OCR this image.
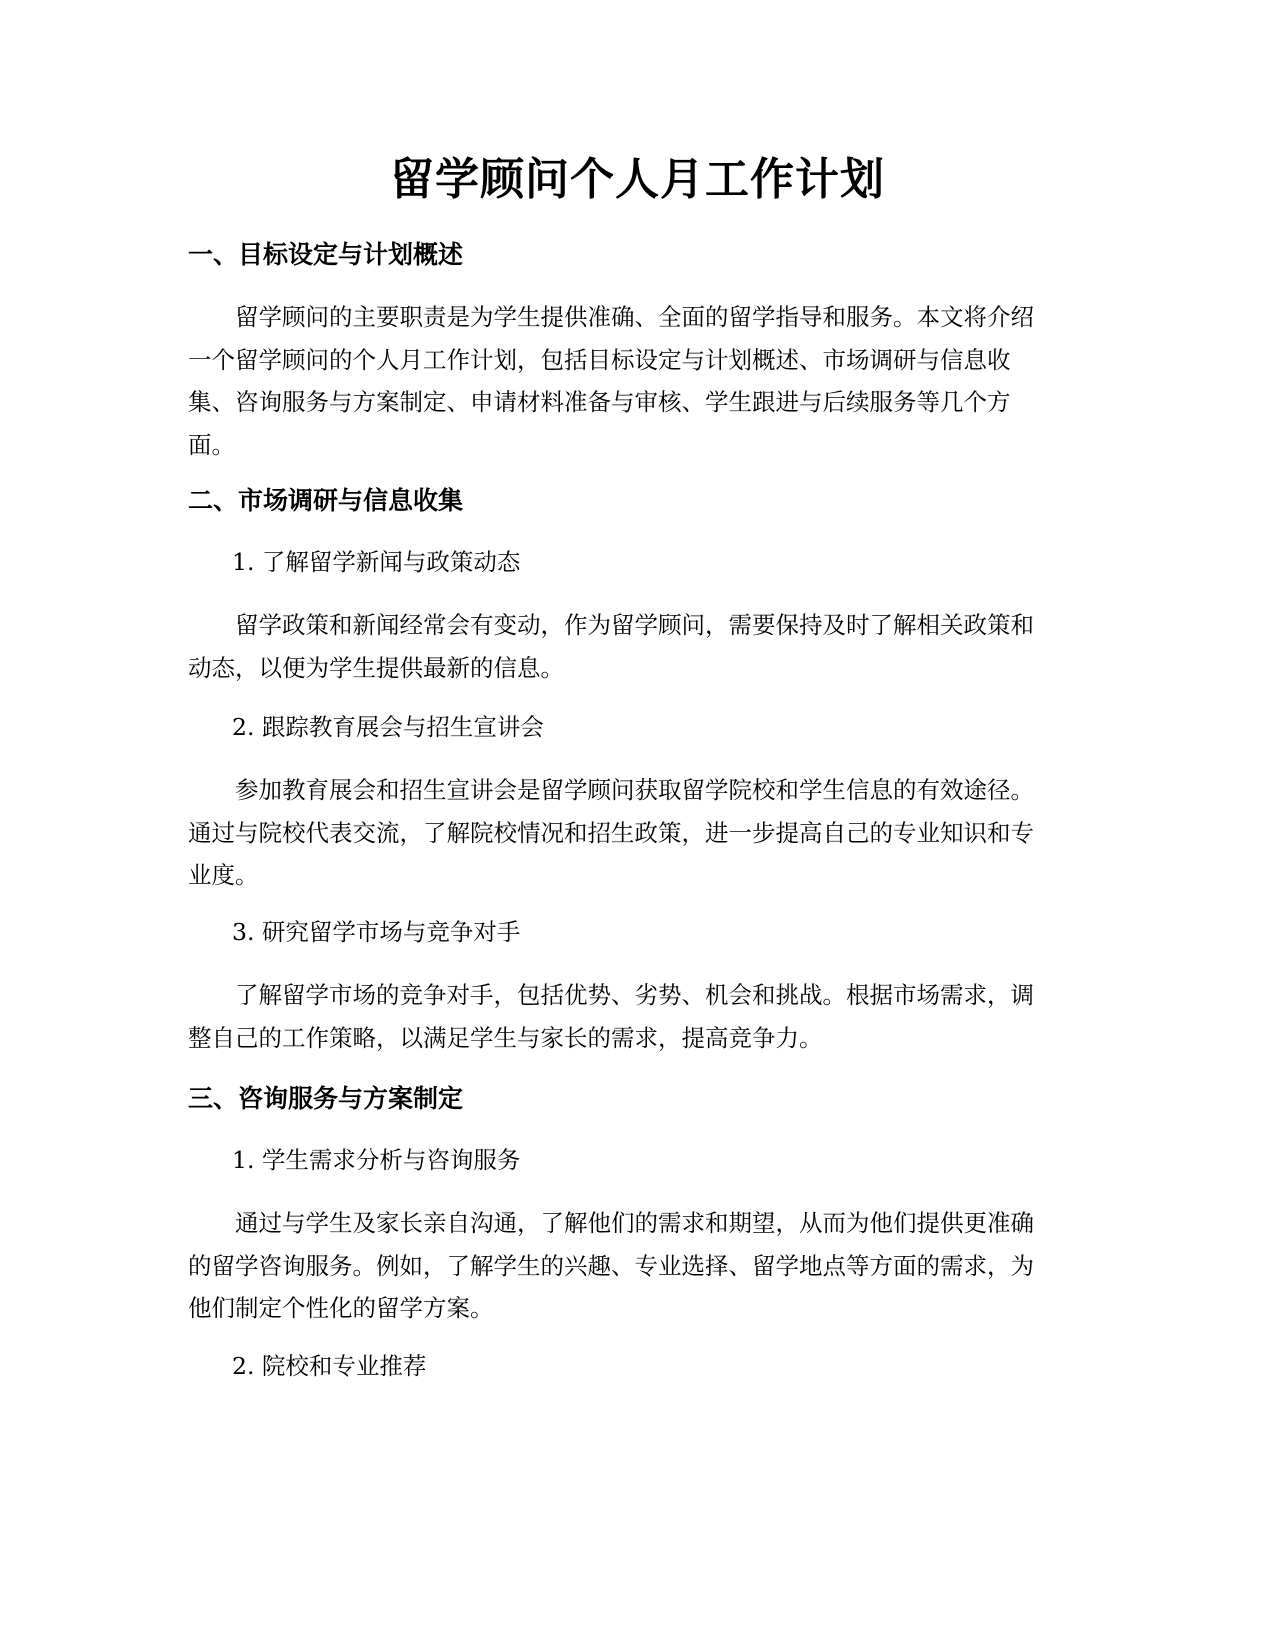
留学顾问个人月工作计划
一、目标设定与计划概述

留学顾问的主要职责是为学生提供准确、全面的留学指导和服务。本文将介绍
一个留学顾问的个人月工作计划，包括目标设定与计划概述、市场调研与信息收
集、咨询服务与方案制定、申请材料准备与审核、学生跟进与后续服务等几个方
面。

二、市场调研与信息收集

1. 了解留学新闻与政策动态

留学政策和新闻经常会有变动，作为留学顾问，需要保持及时了解相关政策和
动态，以便为学生提供最新的信息。

2. 跟踪教育展会与招生宣讲会

参加教育展会和招生宣讲会是留学顾问获取留学院校和学生信息的有效途径。
通过与院校代表交流，了解院校情况和招生政策，进一步提高自己的专业知识和专
业度。

3. 研究留学市场与竞争对手

了解留学市场的竞争对手，包括优势、劣势、机会和挑战。根据市场需求，调
整自己的工作策略，以满足学生与家长的需求，提高竞争力。

三、咨询服务与方案制定

1. 学生需求分析与咨询服务

通过与学生及家长亲自沟通，了解他们的需求和期望，从而为他们提供更准确
的留学咨询服务。例如，了解学生的兴趣、专业选择、留学地点等方面的需求，为
他们制定个性化的留学方案。

2. 院校和专业推荐
